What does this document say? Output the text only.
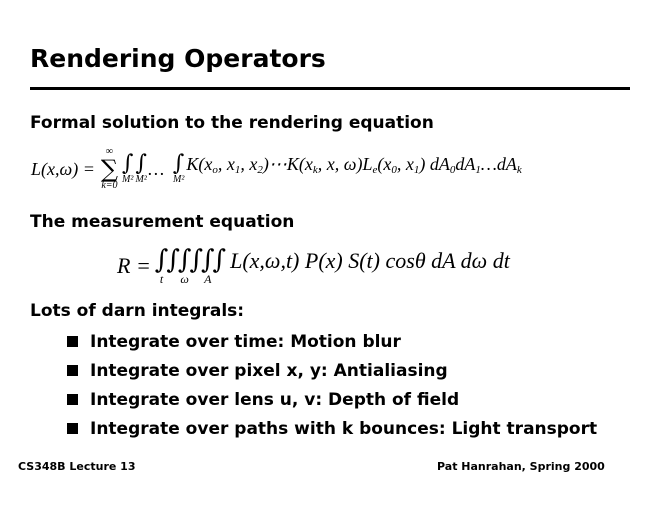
Rendering Operators
Formal solution to the rendering equation
L(x,ω) =
∞
∑
k=0
∫
M²
∫
M²
… ∫
M²
$K(x_o$, $x_1$, $x_2)\cdots K(x_k$, x, $\omega)L_e(x_0$, $x_1$) $dA_0dA_1\dots dA_k$
The measurement equation
R = ∫
t
∫

∫
ω
∫

∫
A
∫
L(x,ω,t) P(x) S(t) cosθ dA dω dt
Lots of darn integrals:
Integrate over time: Motion blur
Integrate over pixel x, y: Antialiasing
Integrate over lens u, v: Depth of field
Integrate over paths with k bounces: Light transport
CS348B Lecture 13	Pat Hanrahan, Spring 2000
